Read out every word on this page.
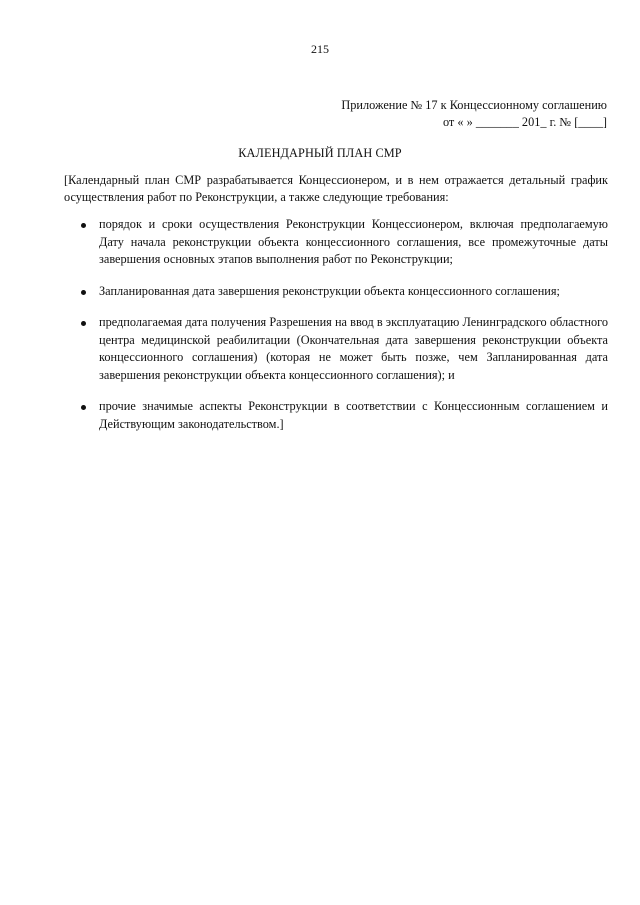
215
Приложение № 17 к Концессионному соглашению
от « » _______ 201_ г. № [____]
КАЛЕНДАРНЫЙ ПЛАН СМР
[Календарный план СМР разрабатывается Концессионером, и в нем отражается детальный график осуществления работ по Реконструкции, а также следующие требования:
порядок и сроки осуществления Реконструкции Концессионером, включая предполагаемую Дату начала реконструкции объекта концессионного соглашения, все промежуточные даты завершения основных этапов выполнения работ по Реконструкции;
Запланированная дата завершения реконструкции объекта концессионного соглашения;
предполагаемая дата получения Разрешения на ввод в эксплуатацию Ленинградского областного центра медицинской реабилитации (Окончательная дата завершения реконструкции объекта концессионного соглашения) (которая не может быть позже, чем Запланированная дата завершения реконструкции объекта концессионного соглашения); и
прочие значимые аспекты Реконструкции в соответствии с Концессионным соглашением и Действующим законодательством.]
